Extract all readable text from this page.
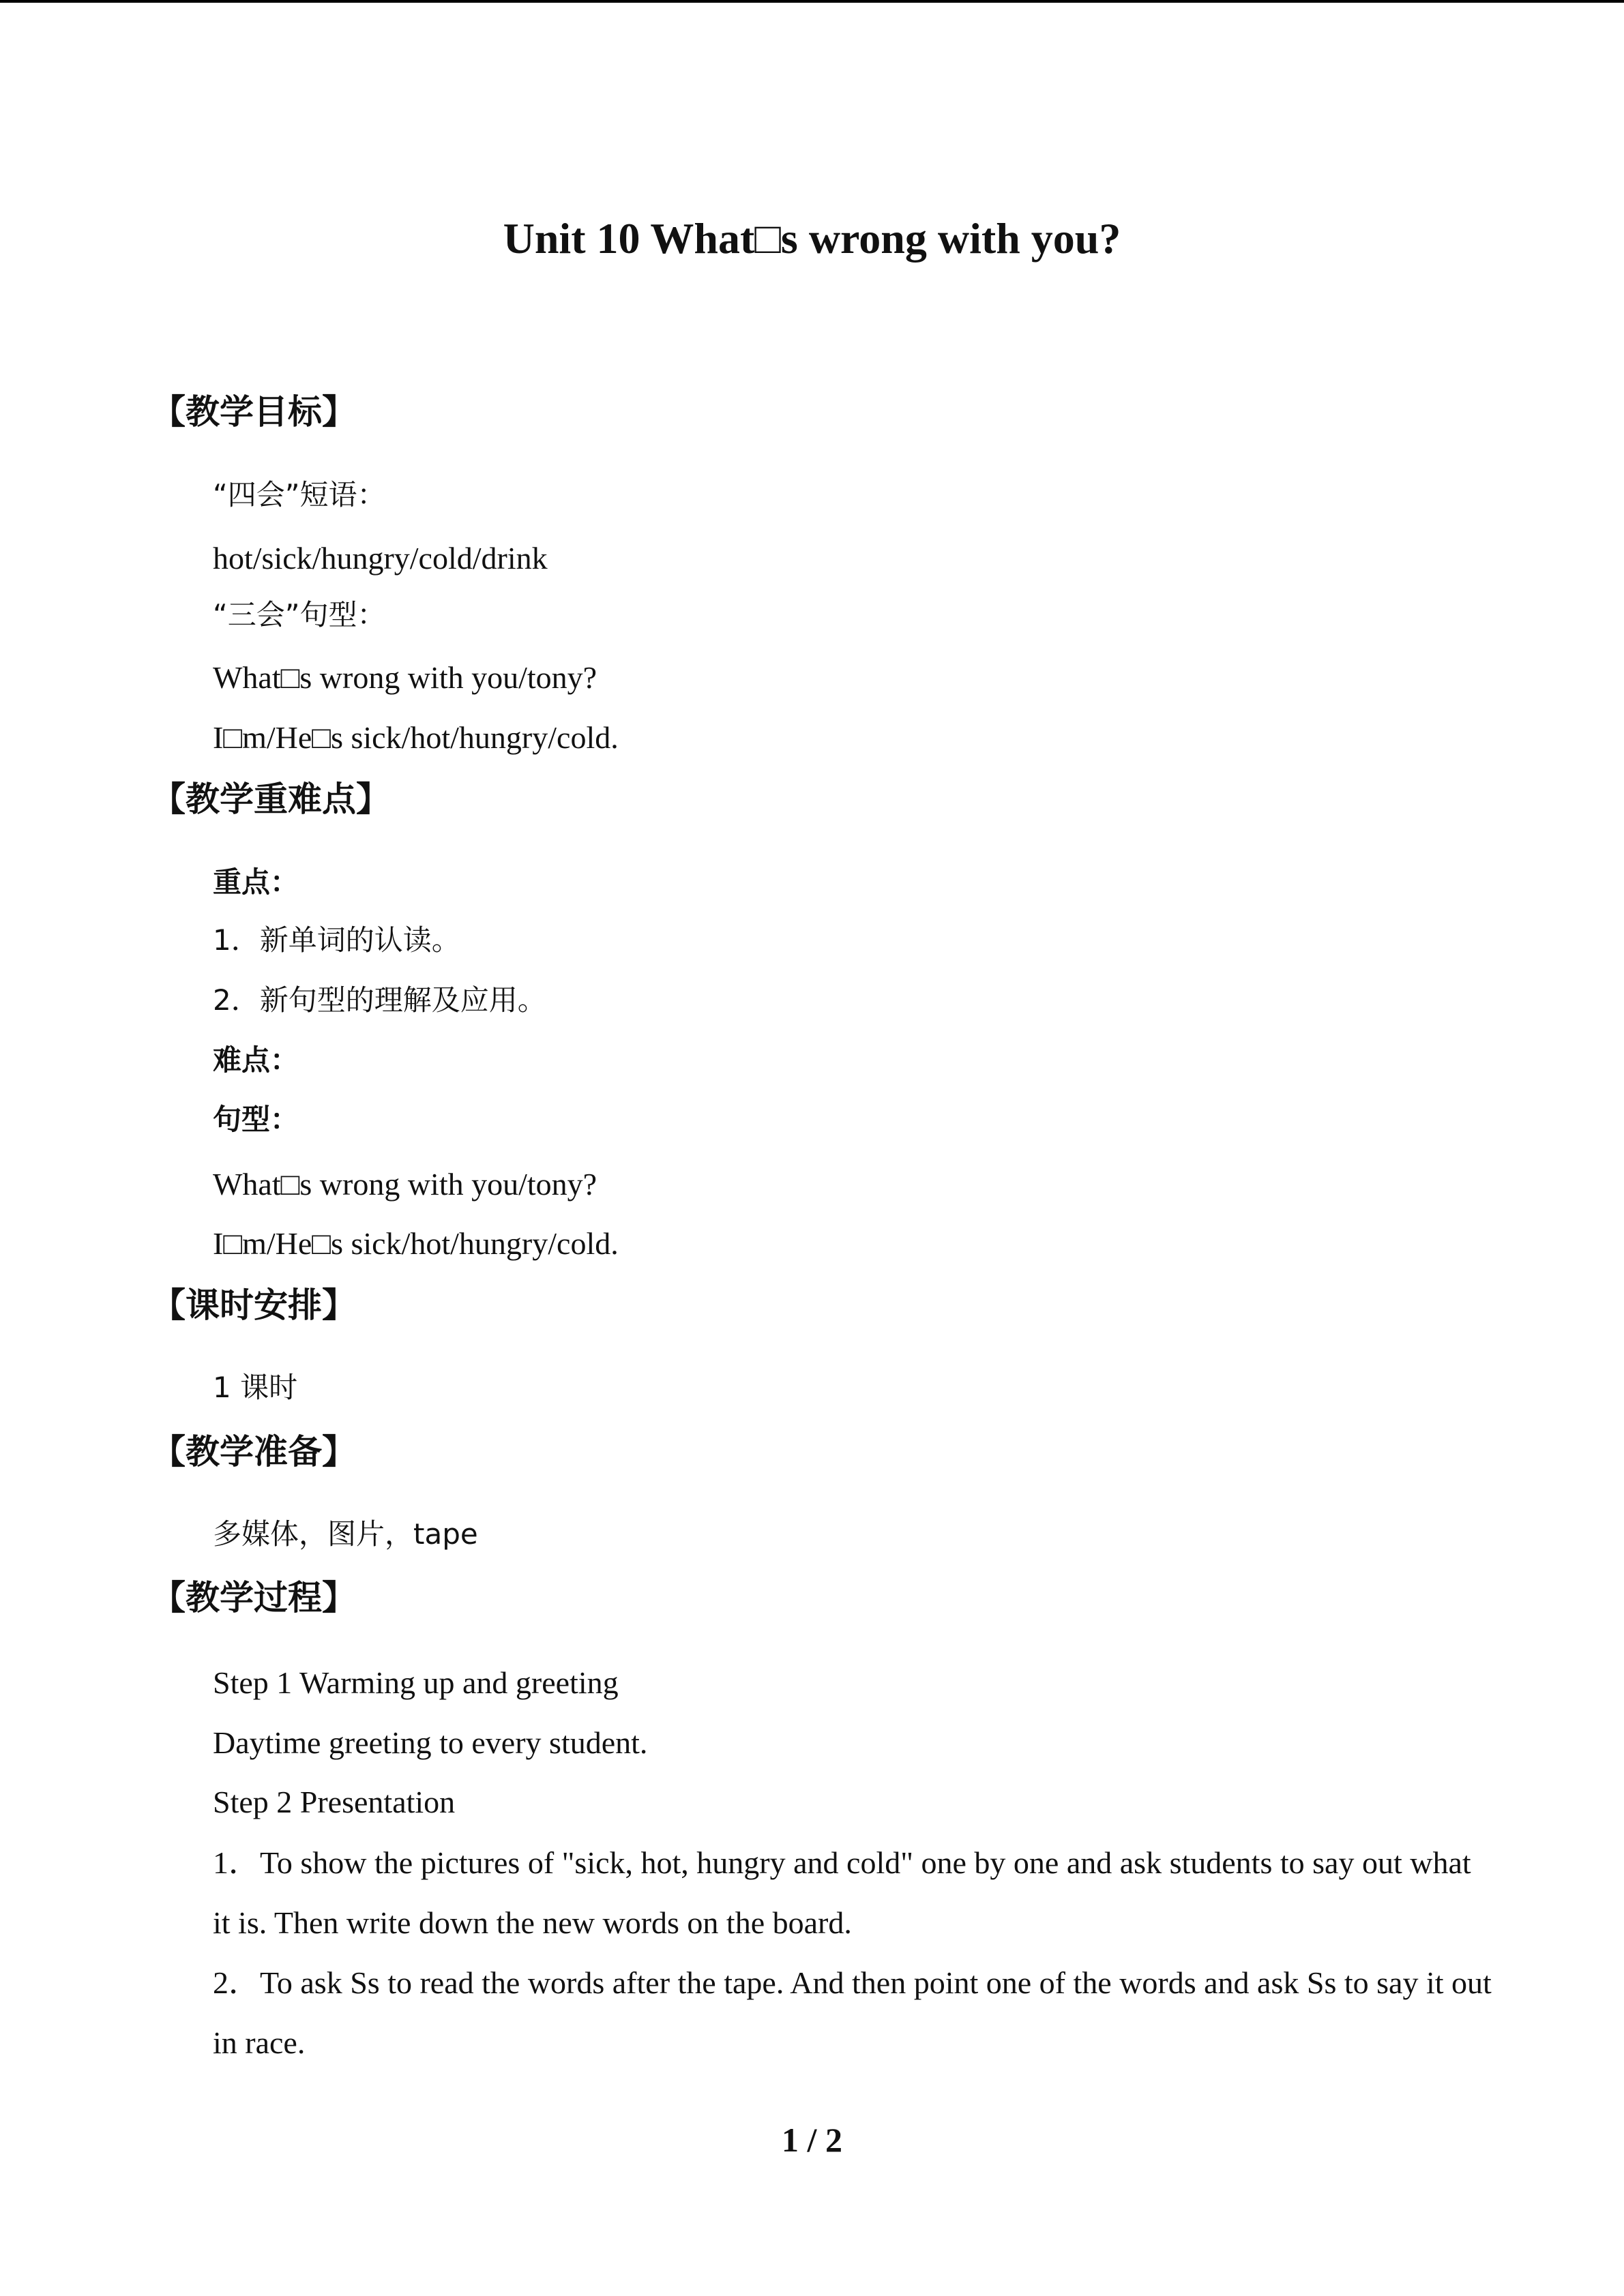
Unit 10 What□s wrong with you?
【教学目标】
“四会”短语：
hot/sick/hungry/cold/drink
“三会”句型：
What□s wrong with you/tony?
I□m/He□s sick/hot/hungry/cold.
【教学重难点】
重点：
1．新单词的认读。
2．新句型的理解及应用。
难点：
句型：
What□s wrong with you/tony?
I□m/He□s sick/hot/hungry/cold.
【课时安排】
1 课时
【教学准备】
多媒体，图片，tape
【教学过程】
Step 1 Warming up and greeting
Daytime greeting to every student.
Step 2 Presentation
1．To show the pictures of "sick, hot, hungry and cold" one by one and ask students to say out what it is. Then write down the new words on the board.
2．To ask Ss to read the words after the tape. And then point one of the words and ask Ss to say it out in race.
1 / 2
